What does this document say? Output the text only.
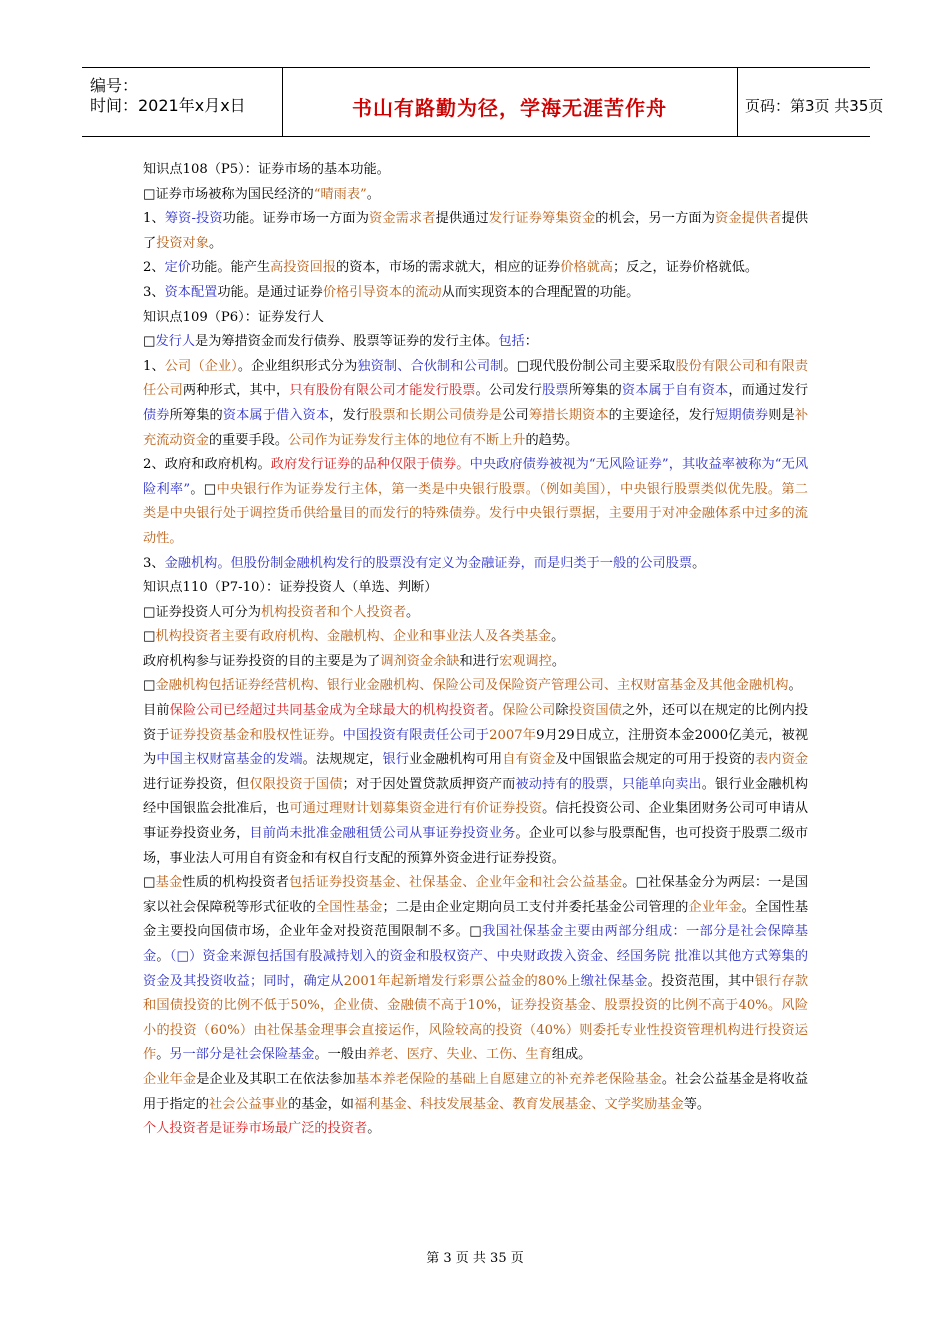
编号：
时间：2021年x月x日	书山有路勤为径，学海无涯苦作舟	页码：第3页 共35页

知识点108（P5）：证券市场的基本功能。

□证券市场被称为国民经济的“晴雨表”。

1、筹资-投资功能。证券市场一方面为资金需求者提供通过发行证券筹集资金的机会，另一方面为资金提供者提供了投资对象。

2、定价功能。能产生高投资回报的资本，市场的需求就大，相应的证券价格就高；反之，证券价格就低。

3、资本配置功能。是通过证券价格引导资本的流动从而实现资本的合理配置的功能。

知识点109（P6）：证券发行人

□发行人是为筹措资金而发行债券、股票等证券的发行主体。包括：

1、公司（企业）。企业组织形式分为独资制、合伙制和公司制。□现代股份制公司主要采取股份有限公司和有限责任公司两种形式，其中，只有股份有限公司才能发行股票。公司发行股票所筹集的资本属于自有资本，而通过发行债券所筹集的资本属于借入资本，发行股票和长期公司债券是公司筹措长期资本的主要途径，发行短期债券则是补充流动资金的重要手段。公司作为证券发行主体的地位有不断上升的趋势。

2、政府和政府机构。政府发行证券的品种仅限于债券。中央政府债券被视为“无风险证券”，其收益率被称为“无风险利率”。□中央银行作为证券发行主体，第一类是中央银行股票。（例如美国），中央银行股票类似优先股。第二类是中央银行处于调控货币供给量目的而发行的特殊债券。发行中央银行票据，主要用于对冲金融体系中过多的流动性。

3、金融机构。但股份制金融机构发行的股票没有定义为金融证券，而是归类于一般的公司股票。

知识点110（P7-10）：证券投资人（单选、判断）

□证券投资人可分为机构投资者和个人投资者。

□机构投资者主要有政府机构、金融机构、企业和事业法人及各类基金。

政府机构参与证券投资的目的主要是为了调剂资金余缺和进行宏观调控。

□金融机构包括证券经营机构、银行业金融机构、保险公司及保险资产管理公司、主权财富基金及其他金融机构。

目前保险公司已经超过共同基金成为全球最大的机构投资者。保险公司除投资国债之外，还可以在规定的比例内投资于证券投资基金和股权性证券。中国投资有限责任公司于2007年9月29日成立，注册资本金2000亿美元，被视为中国主权财富基金的发端。法规规定，银行业金融机构可用自有资金及中国银监会规定的可用于投资的表内资金进行证券投资，但仅限投资于国债；对于因处置贷款质押资产而被动持有的股票，只能单向卖出。银行业金融机构经中国银监会批准后，也可通过理财计划募集资金进行有价证券投资。信托投资公司、企业集团财务公司可申请从事证券投资业务，目前尚未批准金融租赁公司从事证券投资业务。企业可以参与股票配售，也可投资于股票二级市场，事业法人可用自有资金和有权自行支配的预算外资金进行证券投资。

□基金性质的机构投资者包括证券投资基金、社保基金、企业年金和社会公益基金。□社保基金分为两层：一是国家以社会保障税等形式征收的全国性基金；二是由企业定期向员工支付并委托基金公司管理的企业年金。全国性基金主要投向国债市场，企业年金对投资范围限制不多。□我国社保基金主要由两部分组成：一部分是社会保障基金。（□）资金来源包括国有股减持划入的资金和股权资产、中央财政拨入资金、经国务院 批准以其他方式筹集的资金及其投资收益；同时，确定从2001年起新增发行彩票公益金的80%上缴社保基金。投资范围，其中银行存款和国债投资的比例不低于50%，企业债、金融债不高于10%，证券投资基金、股票投资的比例不高于40%。风险小的投资（60%）由社保基金理事会直接运作，风险较高的投资（40%）则委托专业性投资管理机构进行投资运作。另一部分是社会保险基金。一般由养老、医疗、失业、工伤、生育组成。

企业年金是企业及其职工在依法参加基本养老保险的基础上自愿建立的补充养老保险基金。社会公益基金是将收益用于指定的社会公益事业的基金，如福利基金、科技发展基金、教育发展基金、文学奖励基金等。

个人投资者是证券市场最广泛的投资者。

第 3 页 共 35 页
